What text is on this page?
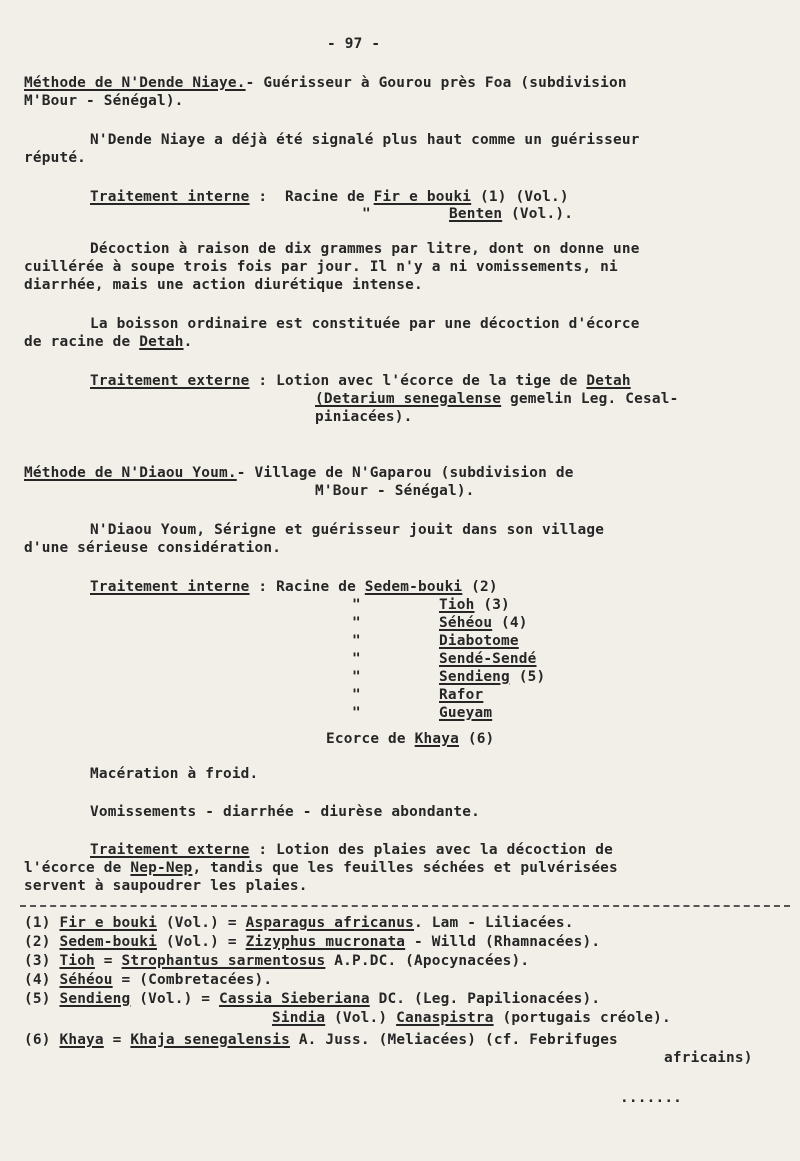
- 97 -
Méthode de N'Dende Niaye.- Guérisseur à Gourou près Foa (subdivision
M'Bour - Sénégal).
N'Dende Niaye a déjà été signalé plus haut comme un guérisseur
réputé.
Traitement interne :  Racine de Fir e bouki (1) (Vol.)
"	Benten (Vol.).
Décoction à raison de dix grammes par litre, dont on donne une
cuillérée à soupe trois fois par jour. Il n'y a ni vomissements, ni
diarrhée, mais une action diurétique intense.
La boisson ordinaire est constituée par une décoction d'écorce
de racine de Detah.
Traitement externe : Lotion avec l'écorce de la tige de Detah
(Detarium senegalense gemelin Leg. Cesal-
piniacées).
Méthode de N'Diaou Youm.- Village de N'Gaparou (subdivision de
M'Bour - Sénégal).
N'Diaou Youm, Sérigne et guérisseur jouit dans son village
d'une sérieuse considération.
Traitement interne : Racine de Sedem-bouki (2)
"	Tioh (3)
"	Séhéou (4)
"	Diabotome
"	Sendé-Sendé
"	Sendieng (5)
"	Rafor
"	Gueyam
Ecorce de Khaya (6)
Macération à froid.
Vomissements - diarrhée - diurèse abondante.
Traitement externe : Lotion des plaies avec la décoction de
l'écorce de Nep-Nep, tandis que les feuilles séchées et pulvérisées
servent à saupoudrer les plaies.
(1) Fir e bouki (Vol.) = Asparagus africanus. Lam - Liliacées.
(2) Sedem-bouki (Vol.) = Zizyphus mucronata - Willd (Rhamnacées).
(3) Tioh = Strophantus sarmentosus A.P.DC. (Apocynacées).
(4) Séhéou = (Combretacées).
(5) Sendieng (Vol.) = Cassia Sieberiana DC. (Leg. Papilionacées).
Sindia (Vol.) Canaspistra (portugais créole).
(6) Khaya = Khaja senegalensis A. Juss. (Meliacées) (cf. Febrifuges
africains)
.......
